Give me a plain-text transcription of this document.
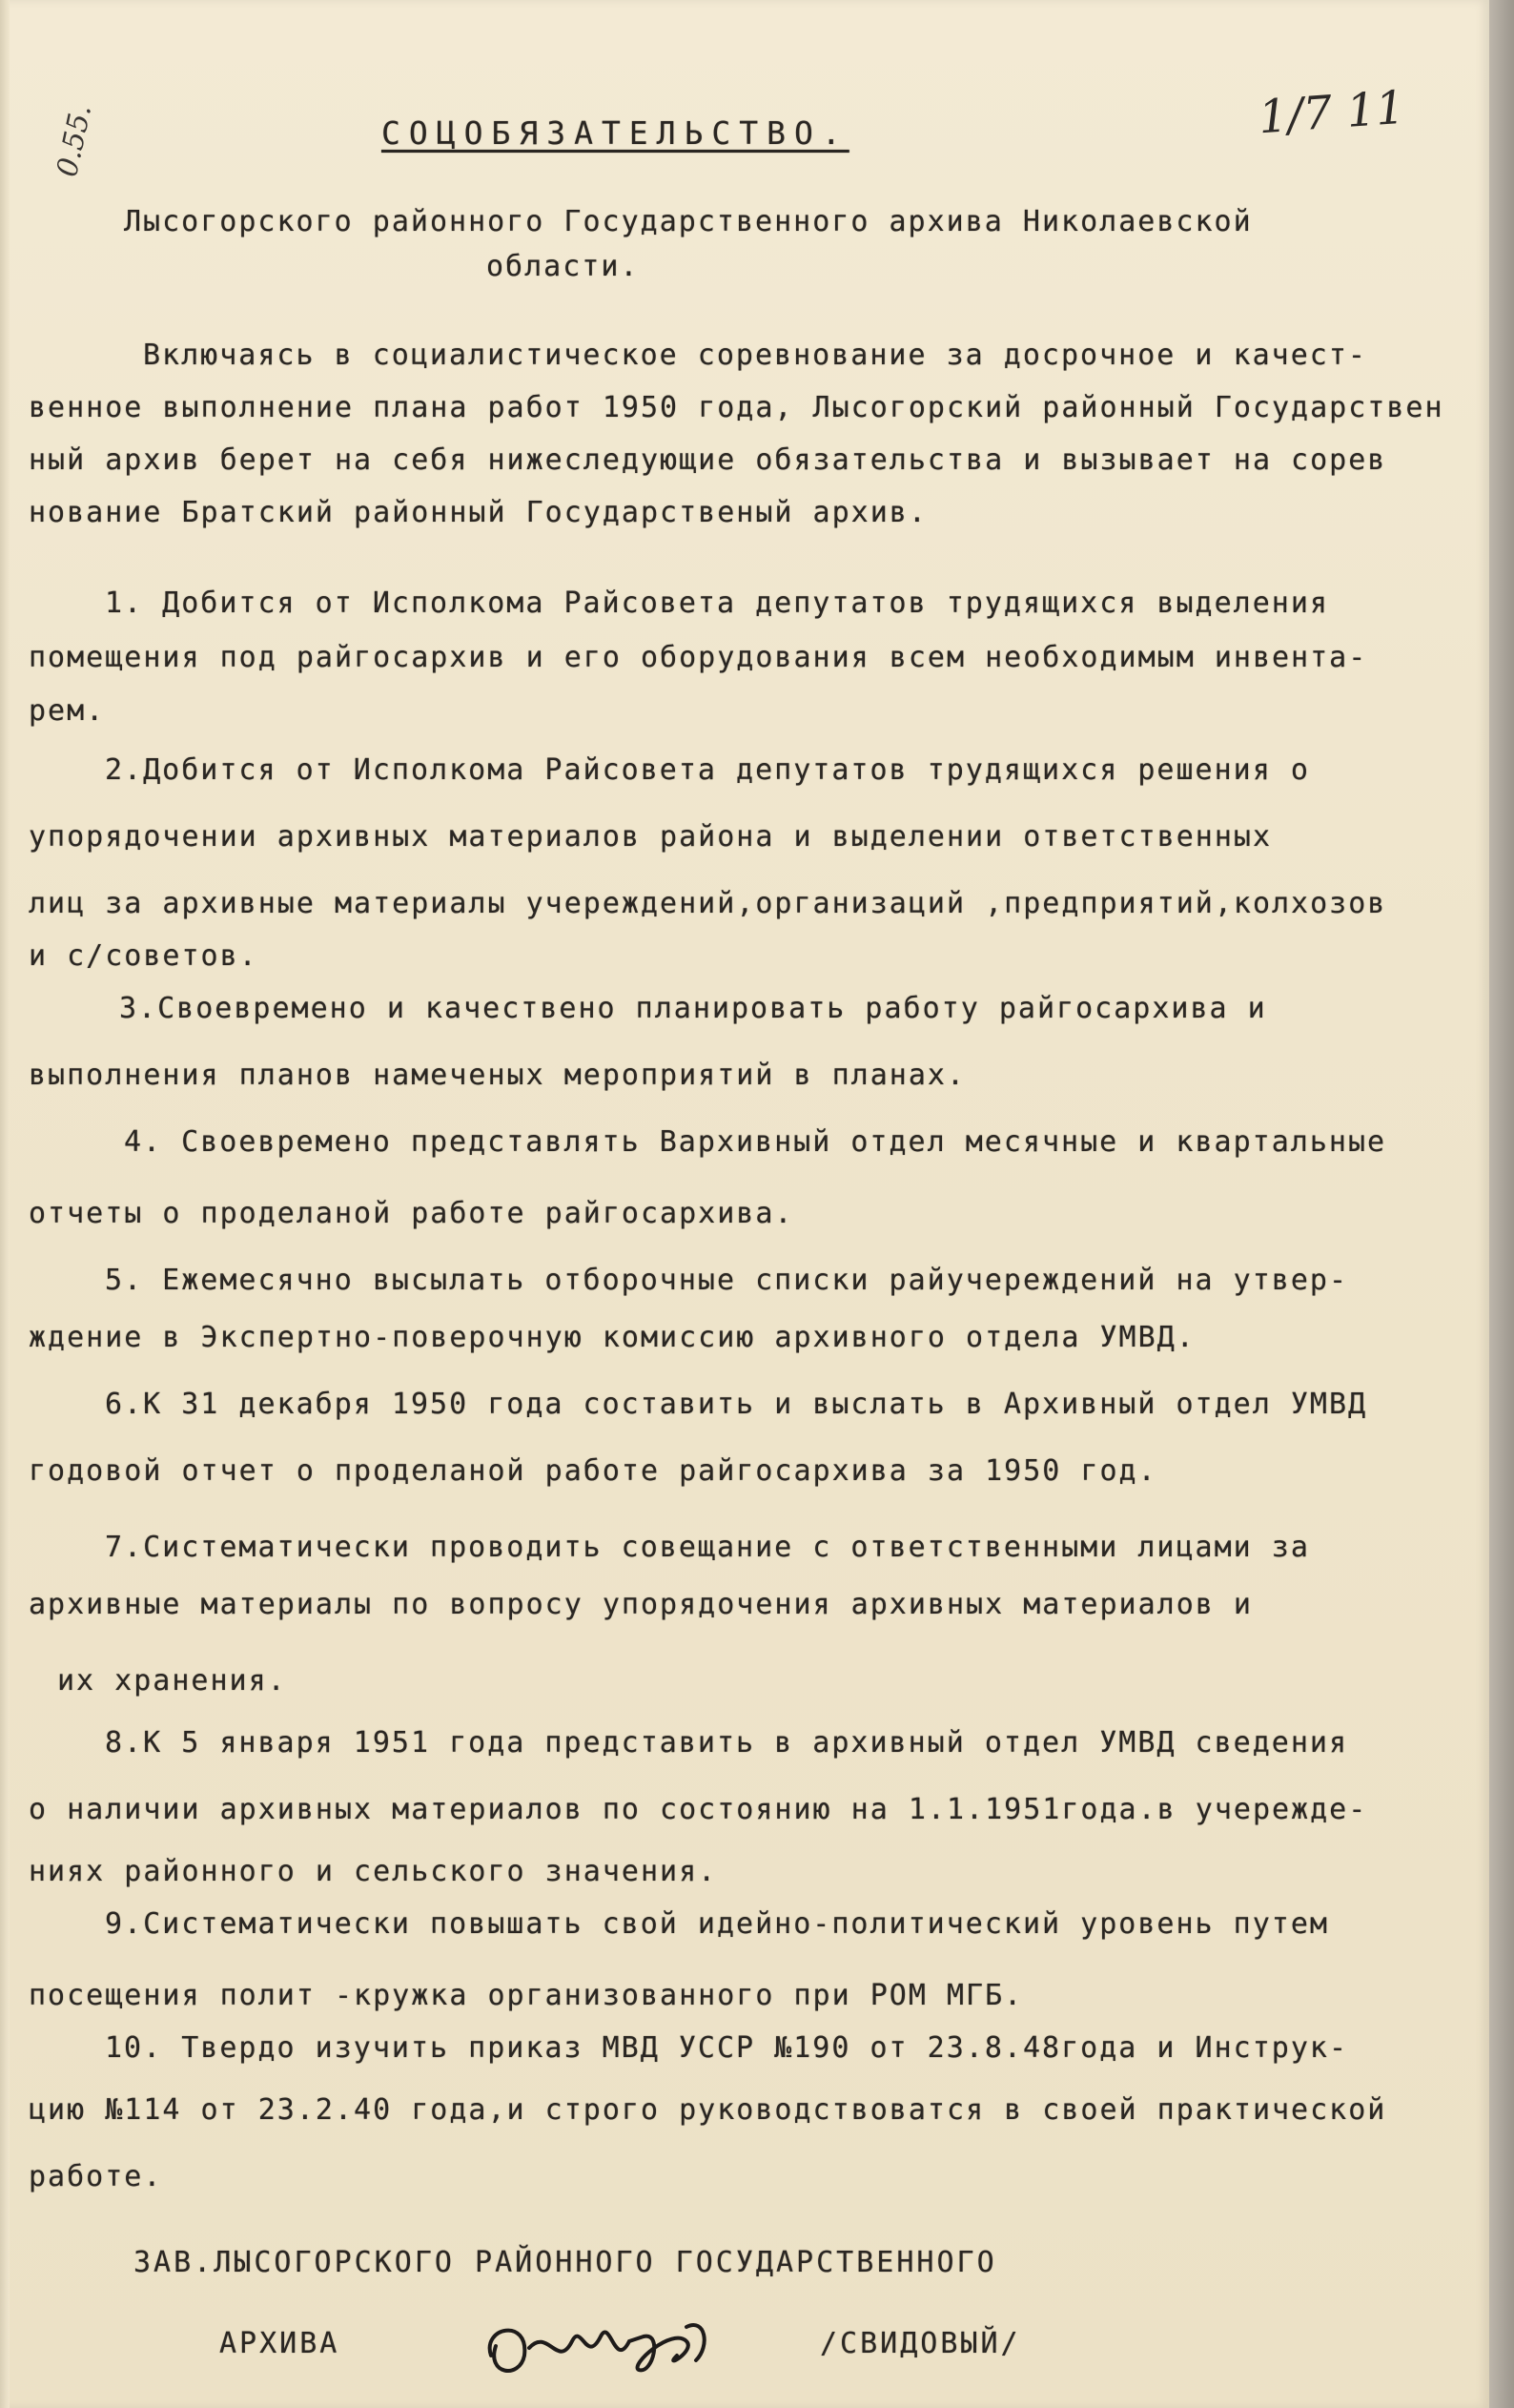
0.55.	1/7 11
СОЦОБЯЗАТЕЛЬСТВО.
Лысогорского районного Государственного архива Николаевской
области.
Включаясь в социалистическое соревнование за досрочное и качест-
венное выполнение плана работ 1950 года, Лысогорский районный Государствен
ный архив берет на себя нижеследующие обязательства и вызывает на сорев
нование Братский районный Государственый архив.
1. Добится от Исполкома Райсовета депутатов трудящихся выделения
помещения под райгосархив и его оборудования всем необходимым инвента-
рем.
2.Добится от Исполкома Райсовета депутатов трудящихся решения о
упорядочении архивных материалов района и выделении ответственных
лиц за архивные материалы учереждений,организаций ,предприятий,колхозов
и с/советов.
3.Своевремено и качествено планировать работу райгосархива и
выполнения планов намеченых мероприятий в планах.
4. Своевремено представлять Вархивный отдел месячные и квартальные
отчеты о проделаной работе райгосархива.
5. Ежемесячно высылать отборочные списки райучереждений на утвер-
ждение в Экспертно-поверочную комиссию архивного отдела УМВД.
6.К 31 декабря 1950 года составить и выслать в Архивный отдел УМВД
годовой отчет о проделаной работе райгосархива за 1950 год.
7.Систематически проводить совещание с ответственными лицами за
архивные материалы по вопросу упорядочения архивных материалов и
их хранения.
8.К 5 января 1951 года представить в архивный отдел УМВД сведения
о наличии архивных материалов по состоянию на 1.1.1951года.в учережде-
ниях районного и сельского значения.
9.Систематически повышать свой идейно-политический уровень путем
посещения полит -кружка организованного при РОМ МГБ.
10. Твердо изучить приказ МВД УССР №190 от 23.8.48года и Инструк-
цию №114 от 23.2.40 года,и строго руководствоватся в своей практической
работе.
ЗАВ.ЛЫСОГОРСКОГО РАЙОННОГО ГОСУДАРСТВЕННОГО
АРХИВА	/СВИДОВЫЙ/
